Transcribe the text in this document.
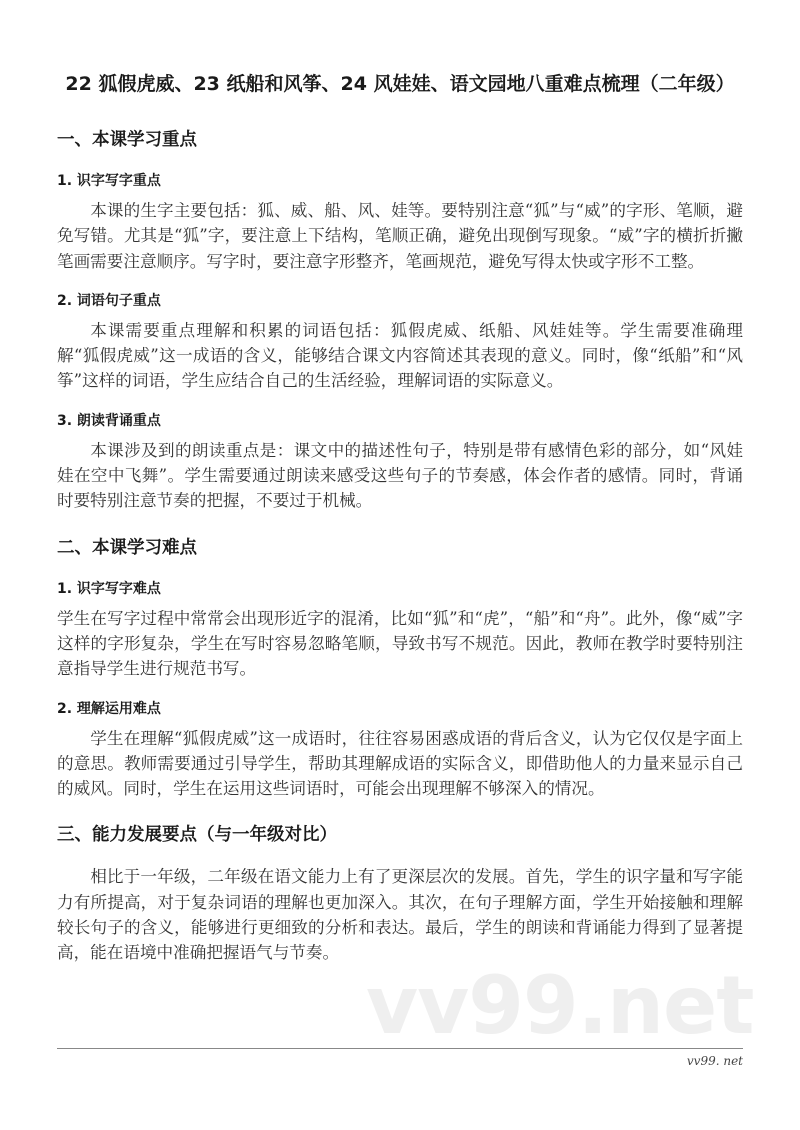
22 狐假虎威、23 纸船和风筝、24 风娃娃、语文园地八重难点梳理（二年级）
一、本课学习重点
1. 识字写字重点

本课的生字主要包括：狐、威、船、风、娃等。要特别注意“狐”与“威”的字形、笔顺，避免写错。尤其是“狐”字，要注意上下结构，笔顺正确，避免出现倒写现象。“威”字的横折折撇笔画需要注意顺序。写字时，要注意字形整齐，笔画规范，避免写得太快或字形不工整。

2. 词语句子重点

本课需要重点理解和积累的词语包括：狐假虎威、纸船、风娃娃等。学生需要准确理解“狐假虎威”这一成语的含义，能够结合课文内容简述其表现的意义。同时，像“纸船”和“风筝”这样的词语，学生应结合自己的生活经验，理解词语的实际意义。

3. 朗读背诵重点

本课涉及到的朗读重点是：课文中的描述性句子，特别是带有感情色彩的部分，如“风娃娃在空中飞舞”。学生需要通过朗读来感受这些句子的节奏感，体会作者的感情。同时，背诵时要特别注意节奏的把握，不要过于机械。

二、本课学习难点
1. 识字写字难点

学生在写字过程中常常会出现形近字的混淆，比如“狐”和“虎”，“船”和“舟”。此外，像“威”字这样的字形复杂，学生在写时容易忽略笔顺，导致书写不规范。因此，教师在教学时要特别注意指导学生进行规范书写。

2. 理解运用难点

学生在理解“狐假虎威”这一成语时，往往容易困惑成语的背后含义，认为它仅仅是字面上的意思。教师需要通过引导学生，帮助其理解成语的实际含义，即借助他人的力量来显示自己的威风。同时，学生在运用这些词语时，可能会出现理解不够深入的情况。

三、能力发展要点（与一年级对比）

相比于一年级，二年级在语文能力上有了更深层次的发展。首先，学生的识字量和写字能力有所提高，对于复杂词语的理解也更加深入。其次，在句子理解方面，学生开始接触和理解较长句子的含义，能够进行更细致的分析和表达。最后，学生的朗读和背诵能力得到了显著提高，能在语境中准确把握语气与节奏。

vv99.net
vv99. net
